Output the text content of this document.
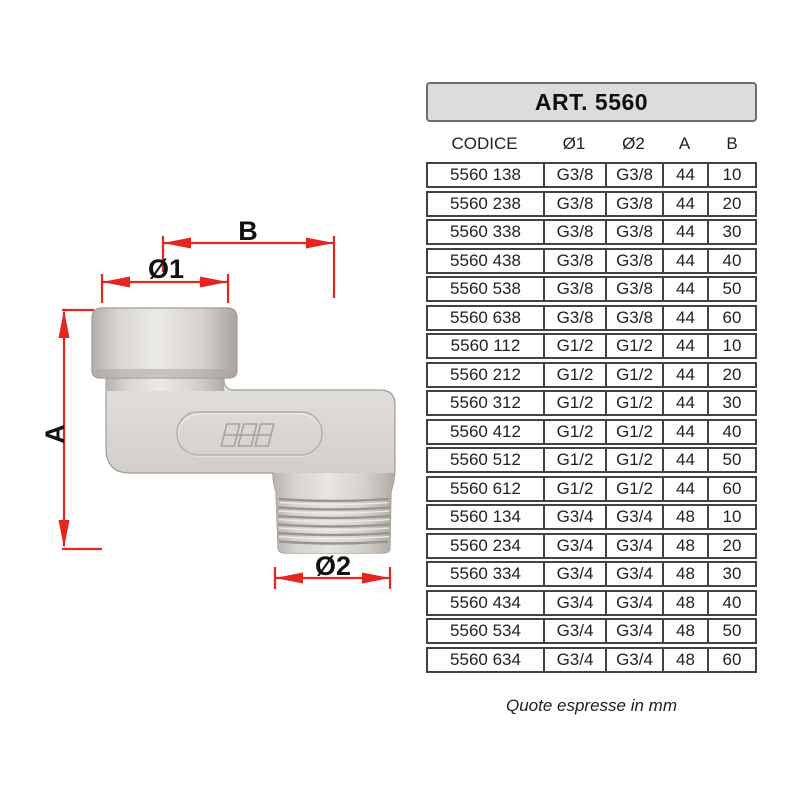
B
Ø1
A
Ø2
ART. 5560
CODICE	Ø1	Ø2	A	B
5560 138	G3/8	G3/8	44	10
5560 238	G3/8	G3/8	44	20
5560 338	G3/8	G3/8	44	30
5560 438	G3/8	G3/8	44	40
5560 538	G3/8	G3/8	44	50
5560 638	G3/8	G3/8	44	60
5560 112	G1/2	G1/2	44	10
5560 212	G1/2	G1/2	44	20
5560 312	G1/2	G1/2	44	30
5560 412	G1/2	G1/2	44	40
5560 512	G1/2	G1/2	44	50
5560 612	G1/2	G1/2	44	60
5560 134	G3/4	G3/4	48	10
5560 234	G3/4	G3/4	48	20
5560 334	G3/4	G3/4	48	30
5560 434	G3/4	G3/4	48	40
5560 534	G3/4	G3/4	48	50
5560 634	G3/4	G3/4	48	60
Quote espresse in mm
